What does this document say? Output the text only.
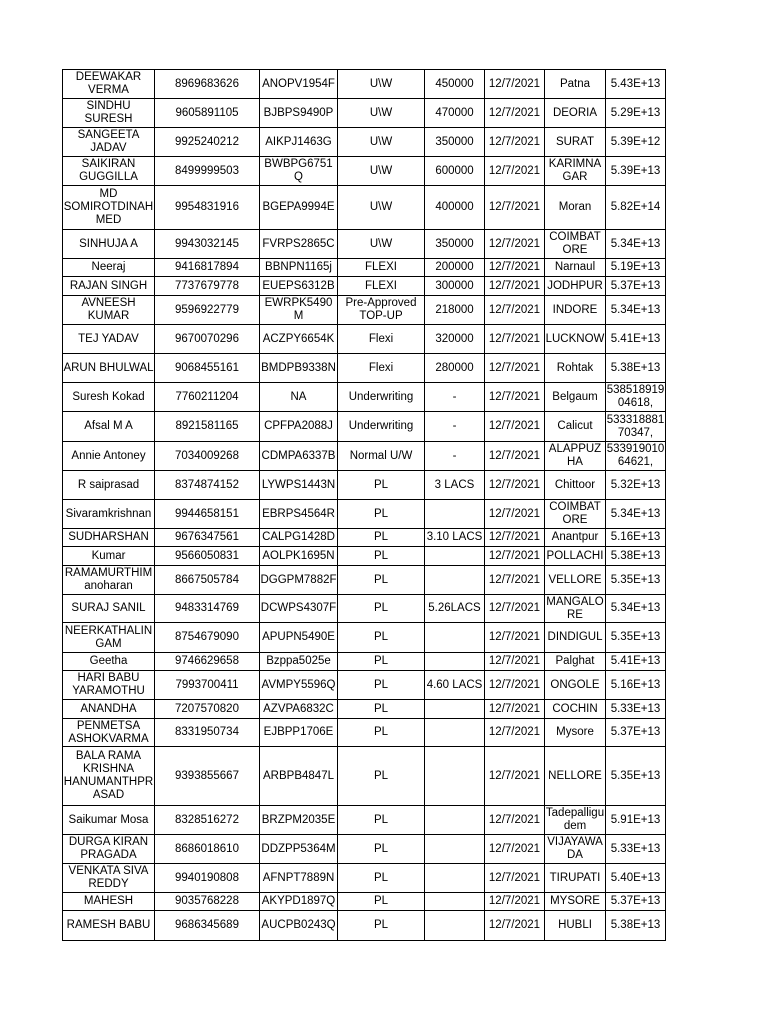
DEEWAKAR VERMA	8969683626	ANOPV1954F	U\W	450000	12/7/2021	Patna	5.43E+13
SINDHU SURESH	9605891105	BJBPS9490P	U\W	470000	12/7/2021	DEORIA	5.29E+13
SANGEETA JADAV	9925240212	AIKPJ1463G	U\W	350000	12/7/2021	SURAT	5.39E+12
SAIKIRAN GUGGILLA	8499999503	BWBPG6751Q	U\W	600000	12/7/2021	KARIMNAGAR	5.39E+13
MD SOMIROTDINAHMED	9954831916	BGEPA9994E	U\W	400000	12/7/2021	Moran	5.82E+14
SINHUJA A	9943032145	FVRPS2865C	U\W	350000	12/7/2021	COIMBATORE	5.34E+13
Neeraj	9416817894	BBNPN1165j	FLEXI	200000	12/7/2021	Narnaul	5.19E+13
RAJAN SINGH	7737679778	EUEPS6312B	FLEXI	300000	12/7/2021	JODHPUR	5.37E+13
AVNEESH KUMAR	9596922779	EWRPK5490M	Pre-Approved TOP-UP	218000	12/7/2021	INDORE	5.34E+13
TEJ YADAV	9670070296	ACZPY6654K	Flexi	320000	12/7/2021	LUCKNOW	5.41E+13
ARUN BHULWAL	9068455161	BMDPB9338N	Flexi	280000	12/7/2021	Rohtak	5.38E+13
Suresh Kokad	7760211204	NA	Underwriting	-	12/7/2021	Belgaum	53851891904618,
Afsal M A	8921581165	CPFPA2088J	Underwriting	-	12/7/2021	Calicut	53331888170347,
Annie Antoney	7034009268	CDMPA6337B	Normal U/W	-	12/7/2021	ALAPPUZHA	53391901064621,
R saiprasad	8374874152	LYWPS1443N	PL	3 LACS	12/7/2021	Chittoor	5.32E+13
Sivaramkrishnan	9944658151	EBRPS4564R	PL		12/7/2021	COIMBATORE	5.34E+13
SUDHARSHAN	9676347561	CALPG1428D	PL	3.10 LACS	12/7/2021	Anantpur	5.16E+13
Kumar	9566050831	AOLPK1695N	PL		12/7/2021	POLLACHI	5.38E+13
RAMAMURTHIManoharan	8667505784	DGGPM7882F	PL		12/7/2021	VELLORE	5.35E+13
SURAJ SANIL	9483314769	DCWPS4307F	PL	5.26LACS	12/7/2021	MANGALORE	5.34E+13
NEERKATHALINGAM	8754679090	APUPN5490E	PL		12/7/2021	DINDIGUL	5.35E+13
Geetha	9746629658	Bzppa5025e	PL		12/7/2021	Palghat	5.41E+13
HARI BABU YARAMOTHU	7993700411	AVMPY5596Q	PL	4.60 LACS	12/7/2021	ONGOLE	5.16E+13
ANANDHA	7207570820	AZVPA6832C	PL		12/7/2021	COCHIN	5.33E+13
PENMETSA ASHOKVARMA	8331950734	EJBPP1706E	PL		12/7/2021	Mysore	5.37E+13
BALA RAMA KRISHNA HANUMANTHPRASAD	9393855667	ARBPB4847L	PL		12/7/2021	NELLORE	5.35E+13
Saikumar Mosa	8328516272	BRZPM2035E	PL		12/7/2021	Tadepalligudem	5.91E+13
DURGA KIRAN PRAGADA	8686018610	DDZPP5364M	PL		12/7/2021	VIJAYAWADA	5.33E+13
VENKATA SIVA REDDY	9940190808	AFNPT7889N	PL		12/7/2021	TIRUPATI	5.40E+13
MAHESH	9035768228	AKYPD1897Q	PL		12/7/2021	MYSORE	5.37E+13
RAMESH BABU	9686345689	AUCPB0243Q	PL		12/7/2021	HUBLI	5.38E+13
